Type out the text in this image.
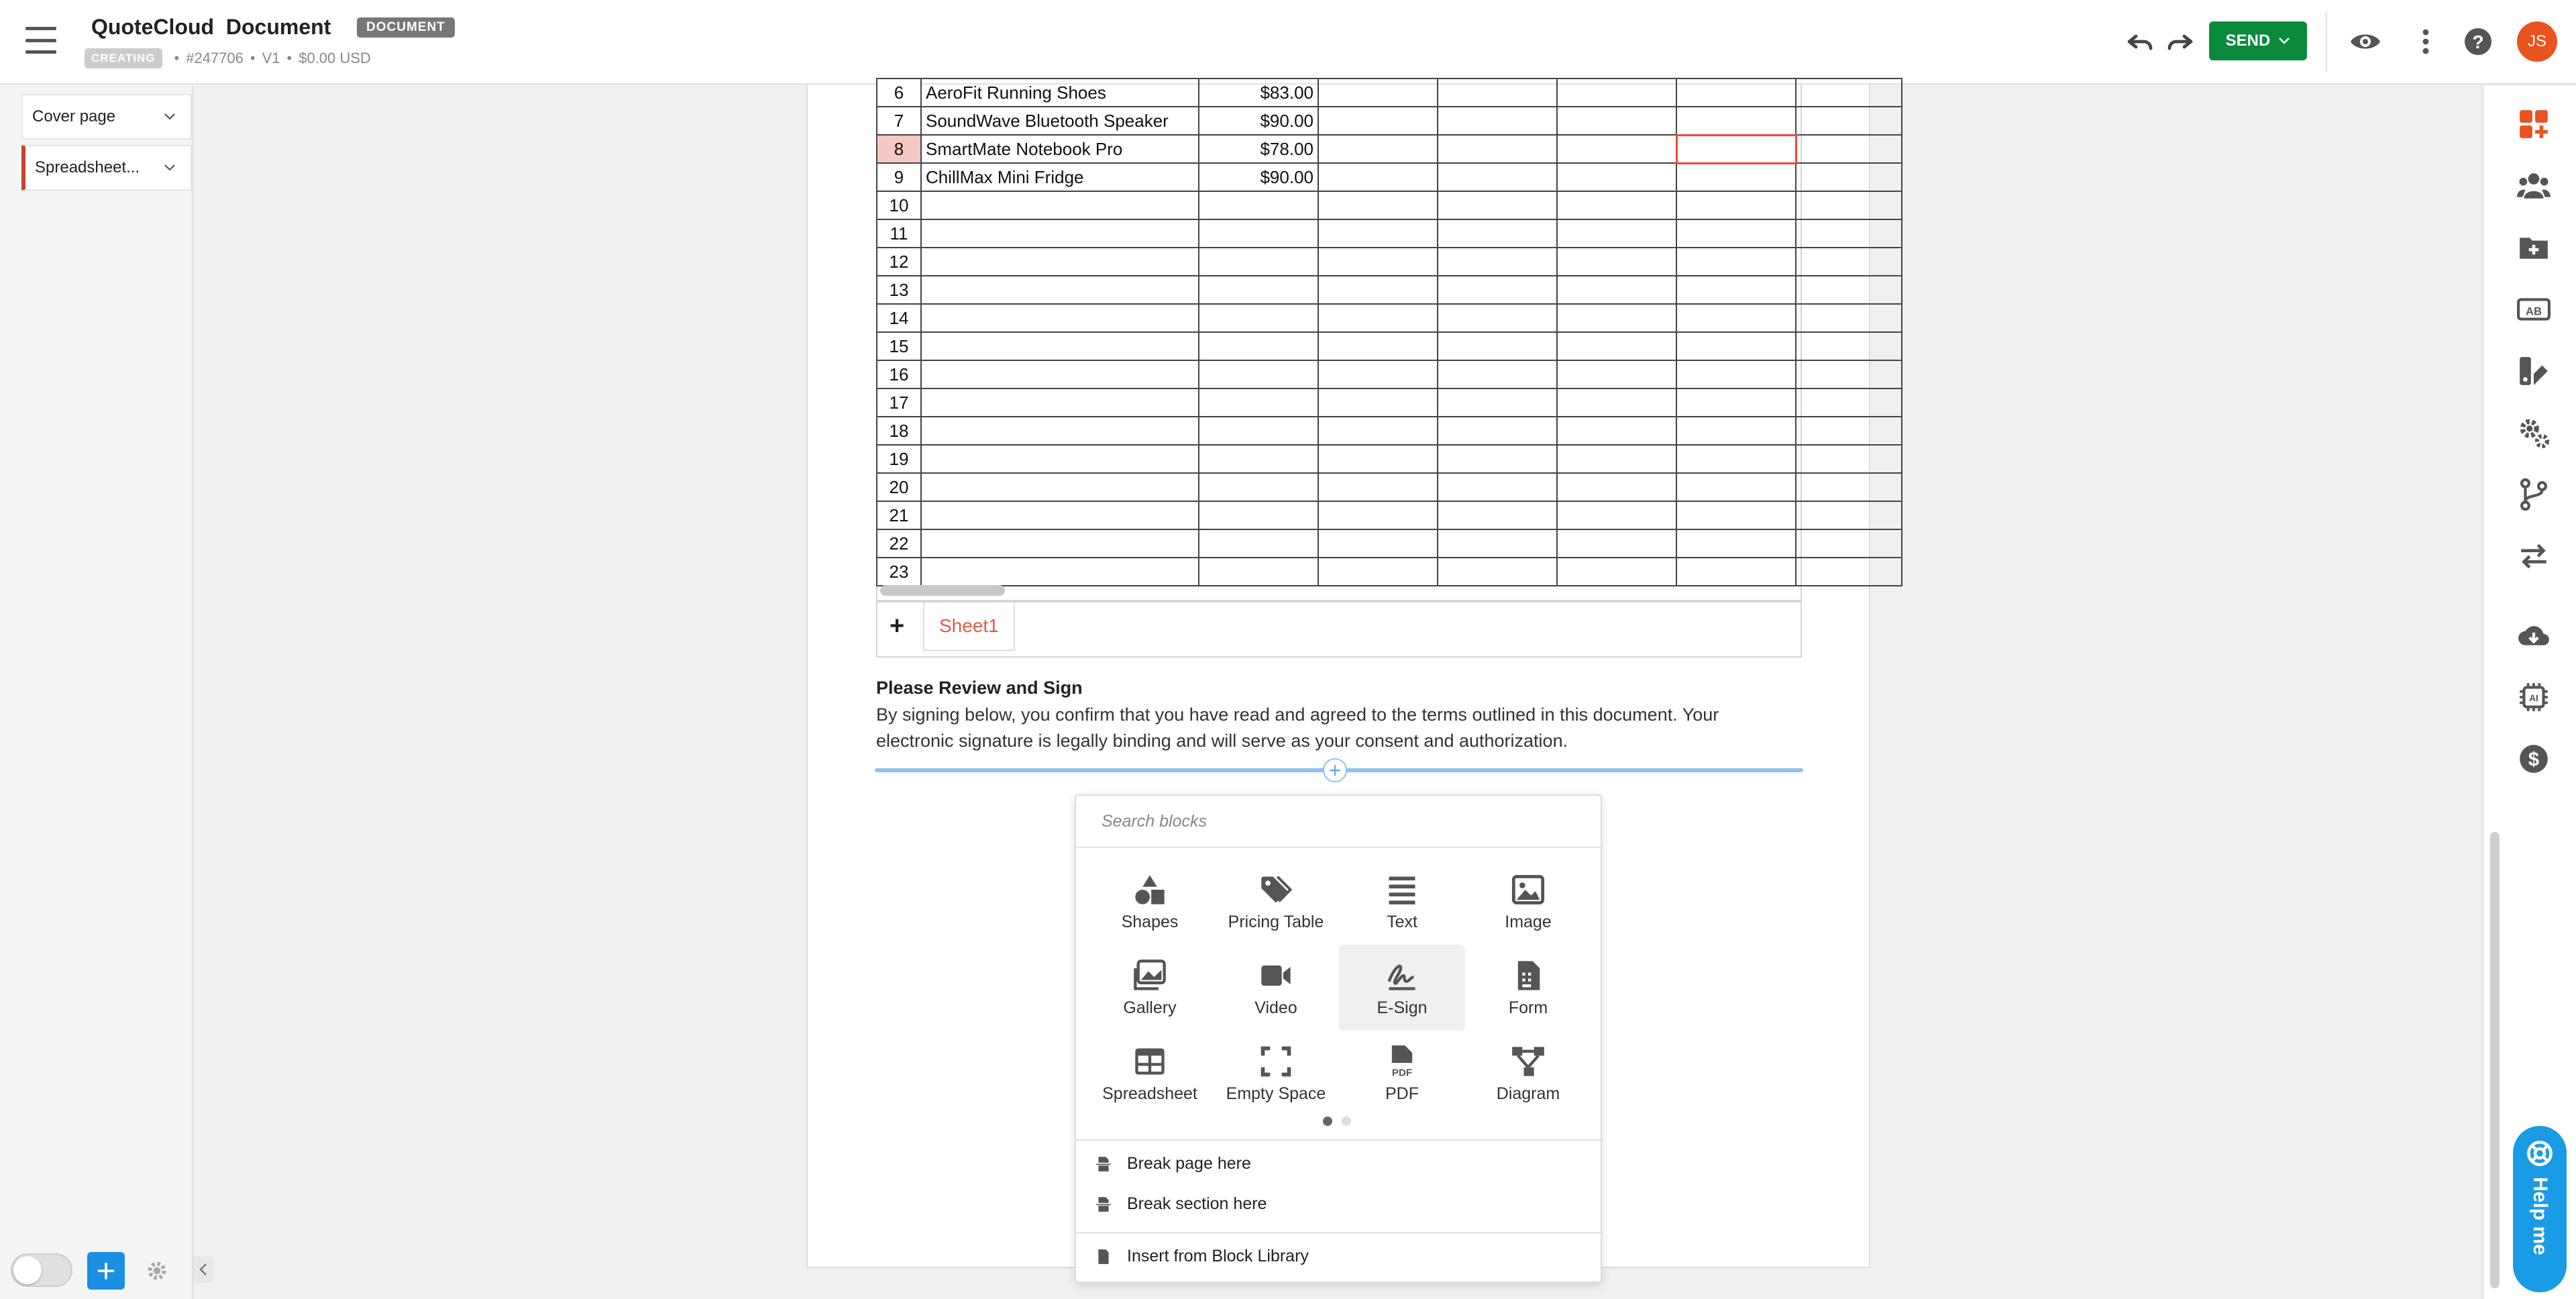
QuoteCloud  Document	DOCUMENT
CREATING	• #247706 • V1 • $0.00 USD
SEND	?	JS
Cover page
Spreadsheet...
+
6	AeroFit Running Shoes	$83.00					
7	SoundWave Bluetooth Speaker	$90.00					
8	SmartMate Notebook Pro	$78.00					
9	ChillMax Mini Fridge	$90.00					
10							
11							
12							
13							
14							
15							
16							
17							
18							
19							
20							
21							
22							
23							
+	Sheet1
Please Review and Sign
By signing below, you confirm that you have read and agreed to the terms outlined in this document. Your electronic signature is legally binding and will serve as your consent and authorization.
+
Search blocks
Shapes	Pricing Table	Text	Image
Gallery	Video	E-Sign	Form
Spreadsheet Empty Space
PDF
PDF	Diagram
Break page here
Break section here
Insert from Block Library
AB
AI
$
Help me
